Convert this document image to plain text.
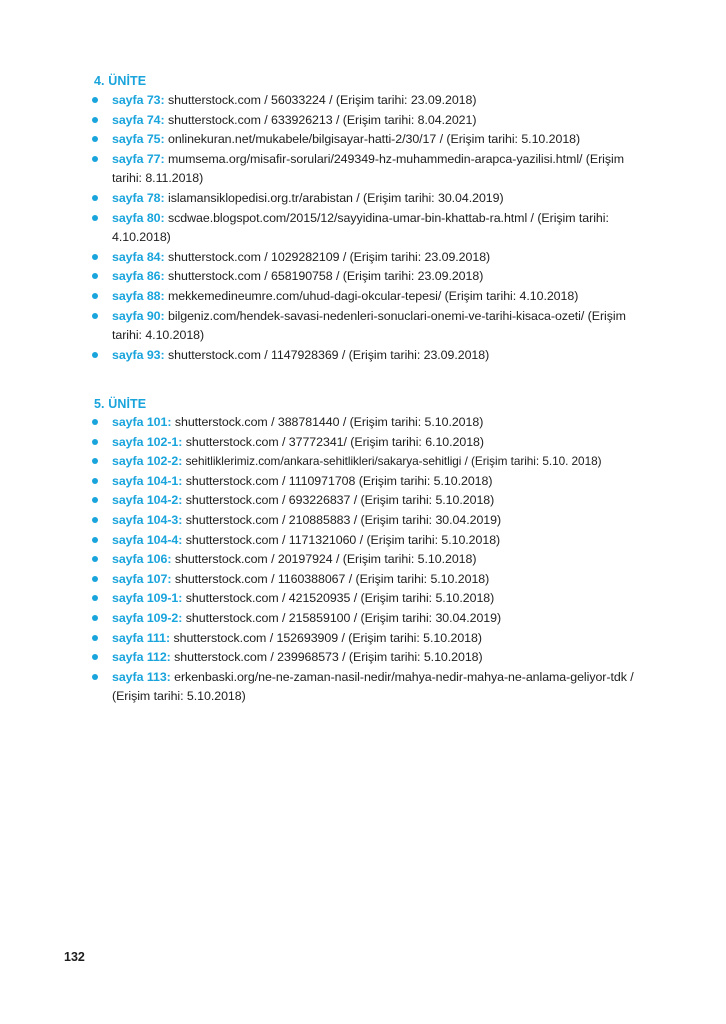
4. ÜNİTE
sayfa 73: shutterstock.com / 56033224 / (Erişim tarihi: 23.09.2018)
sayfa 74: shutterstock.com / 633926213 / (Erişim tarihi: 8.04.2021)
sayfa 75: onlinekuran.net/mukabele/bilgisayar-hatti-2/30/17 / (Erişim tarihi: 5.10.2018)
sayfa 77: mumsema.org/misafir-sorulari/249349-hz-muhammedin-arapca-yazilisi.html/ (Erişim tarihi: 8.11.2018)
sayfa 78: islamansiklopedisi.org.tr/arabistan / (Erişim tarihi: 30.04.2019)
sayfa 80: scdwae.blogspot.com/2015/12/sayyidina-umar-bin-khattab-ra.html / (Erişim tarihi: 4.10.2018)
sayfa 84: shutterstock.com / 1029282109 / (Erişim tarihi: 23.09.2018)
sayfa 86: shutterstock.com / 658190758 / (Erişim tarihi: 23.09.2018)
sayfa 88: mekkemedineumre.com/uhud-dagi-okcular-tepesi/ (Erişim tarihi: 4.10.2018)
sayfa 90: bilgeniz.com/hendek-savasi-nedenleri-sonuclari-onemi-ve-tarihi-kisaca-ozeti/ (Erişim tarihi: 4.10.2018)
sayfa 93: shutterstock.com / 1147928369 / (Erişim tarihi: 23.09.2018)
5. ÜNİTE
sayfa 101: shutterstock.com / 388781440 / (Erişim tarihi: 5.10.2018)
sayfa 102-1: shutterstock.com / 37772341/ (Erişim tarihi: 6.10.2018)
sayfa 102-2: sehitliklerimiz.com/ankara-sehitlikleri/sakarya-sehitligi / (Erişim tarihi: 5.10. 2018)
sayfa 104-1: shutterstock.com / 1110971708 (Erişim tarihi: 5.10.2018)
sayfa 104-2: shutterstock.com / 693226837 / (Erişim tarihi: 5.10.2018)
sayfa 104-3: shutterstock.com / 210885883 / (Erişim tarihi: 30.04.2019)
sayfa 104-4: shutterstock.com / 1171321060 / (Erişim tarihi: 5.10.2018)
sayfa 106: shutterstock.com / 20197924 / (Erişim tarihi: 5.10.2018)
sayfa 107: shutterstock.com / 1160388067 / (Erişim tarihi: 5.10.2018)
sayfa 109-1: shutterstock.com / 421520935 / (Erişim tarihi: 5.10.2018)
sayfa 109-2: shutterstock.com / 215859100 / (Erişim tarihi: 30.04.2019)
sayfa 111: shutterstock.com / 152693909 / (Erişim tarihi: 5.10.2018)
sayfa 112: shutterstock.com / 239968573 / (Erişim tarihi: 5.10.2018)
sayfa 113: erkenbaski.org/ne-ne-zaman-nasil-nedir/mahya-nedir-mahya-ne-anlama-geliyor-tdk / (Erişim tarihi: 5.10.2018)
132
